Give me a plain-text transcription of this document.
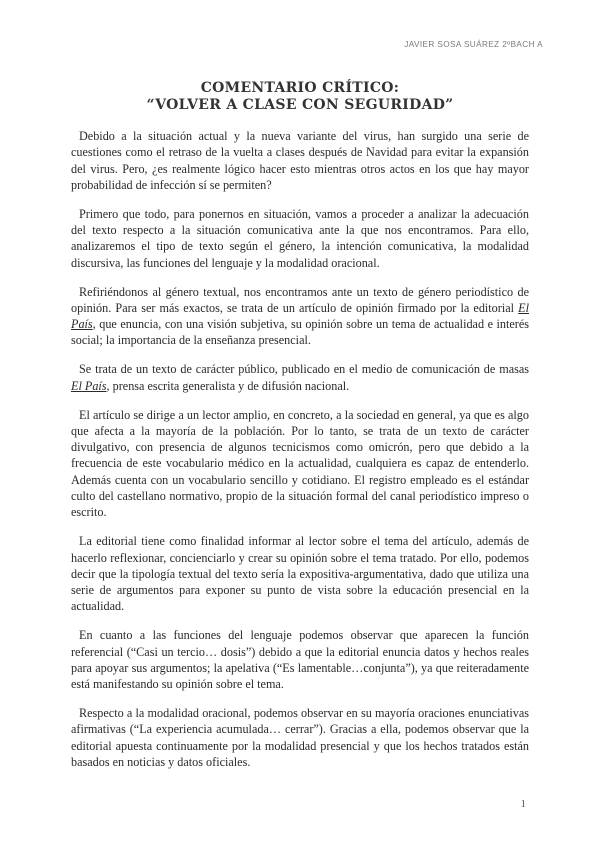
JAVIER SOSA SUÁREZ 2ºBACH A
COMENTARIO CRÍTICO:
“VOLVER A CLASE CON SEGURIDAD”

Debido a la situación actual y la nueva variante del virus, han surgido una serie de cuestiones como el retraso de la vuelta a clases después de Navidad para evitar la expansión del virus. Pero, ¿es realmente lógico hacer esto mientras otros actos en los que hay mayor probabilidad de infección sí se permiten?

Primero que todo, para ponernos en situación, vamos a proceder a analizar la adecuación del texto respecto a la situación comunicativa ante la que nos encontramos. Para ello, analizaremos el tipo de texto según el género, la intención comunicativa, la modalidad discursiva, las funciones del lenguaje y la modalidad oracional.

Refiriéndonos al género textual, nos encontramos ante un texto de género periodístico de opinión. Para ser más exactos, se trata de un artículo de opinión firmado por la editorial El País, que enuncia, con una visión subjetiva, su opinión sobre un tema de actualidad e interés social; la importancia de la enseñanza presencial.

Se trata de un texto de carácter público, publicado en el medio de comunicación de masas El País, prensa escrita generalista y de difusión nacional.

El artículo se dirige a un lector amplio, en concreto, a la sociedad en general, ya que es algo que afecta a la mayoría de la población. Por lo tanto, se trata de un texto de carácter divulgativo, con presencia de algunos tecnicismos como omicrón, pero que debido a la frecuencia de este vocabulario médico en la actualidad, cualquiera es capaz de entenderlo. Además cuenta con un vocabulario sencillo y cotidiano. El registro empleado es el estándar culto del castellano normativo, propio de la situación formal del canal periodístico impreso o escrito.

La editorial tiene como finalidad informar al lector sobre el tema del artículo, además de hacerlo reflexionar, concienciarlo y crear su opinión sobre el tema tratado. Por ello, podemos decir que la tipología textual del texto sería la expositiva-argumentativa, dado que utiliza una serie de argumentos para exponer su punto de vista sobre la educación presencial en la actualidad.

En cuanto a las funciones del lenguaje podemos observar que aparecen la función referencial (“Casi un tercio… dosis”) debido a que la editorial enuncia datos y hechos reales para apoyar sus argumentos; la apelativa (“Es lamentable…conjunta”), ya que reiteradamente está manifestando su opinión sobre el tema.

Respecto a la modalidad oracional, podemos observar en su mayoría oraciones enunciativas afirmativas (“La experiencia acumulada… cerrar”). Gracias a ella, podemos observar que la editorial apuesta continuamente por la modalidad presencial y que los hechos tratados están basados en noticias y datos oficiales.

1
